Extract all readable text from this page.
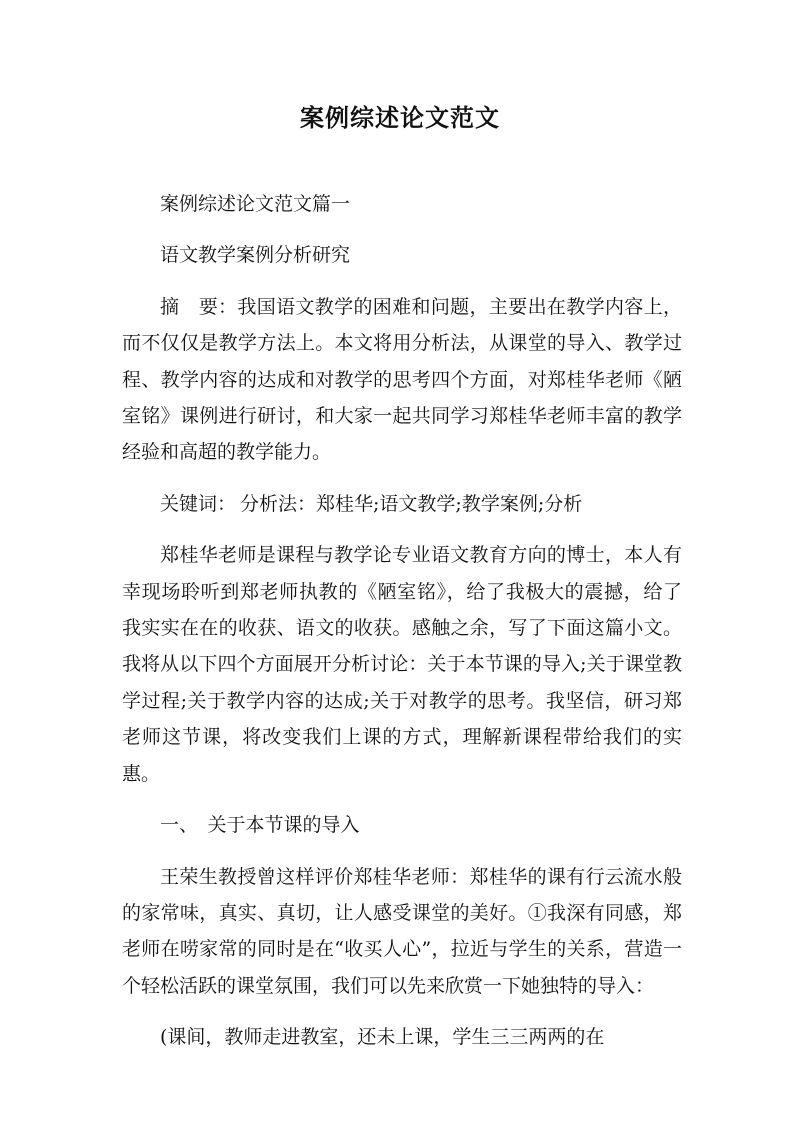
案例综述论文范文

案例综述论文范文篇一

语文教学案例分析研究

摘　要：我国语文教学的困难和问题，主要出在教学内容上，而不仅仅是教学方法上。本文将用分析法，从课堂的导入、教学过程、教学内容的达成和对教学的思考四个方面，对郑桂华老师《陋室铭》课例进行研讨，和大家一起共同学习郑桂华老师丰富的教学经验和高超的教学能力。

关键词： 分析法：郑桂华;语文教学;教学案例;分析

郑桂华老师是课程与教学论专业语文教育方向的博士，本人有幸现场聆听到郑老师执教的《陋室铭》，给了我极大的震撼，给了我实实在在的收获、语文的收获。感触之余，写了下面这篇小文。我将从以下四个方面展开分析讨论：关于本节课的导入;关于课堂教学过程;关于教学内容的达成;关于对教学的思考。我坚信，研习郑老师这节课，将改变我们上课的方式，理解新课程带给我们的实惠。

一、　关于本节课的导入

王荣生教授曾这样评价郑桂华老师：郑桂华的课有行云流水般的家常味，真实、真切，让人感受课堂的美好。①我深有同感，郑老师在唠家常的同时是在“收买人心”，拉近与学生的关系，营造一个轻松活跃的课堂氛围，我们可以先来欣赏一下她独特的导入：

(课间，教师走进教室，还未上课，学生三三两两的在
